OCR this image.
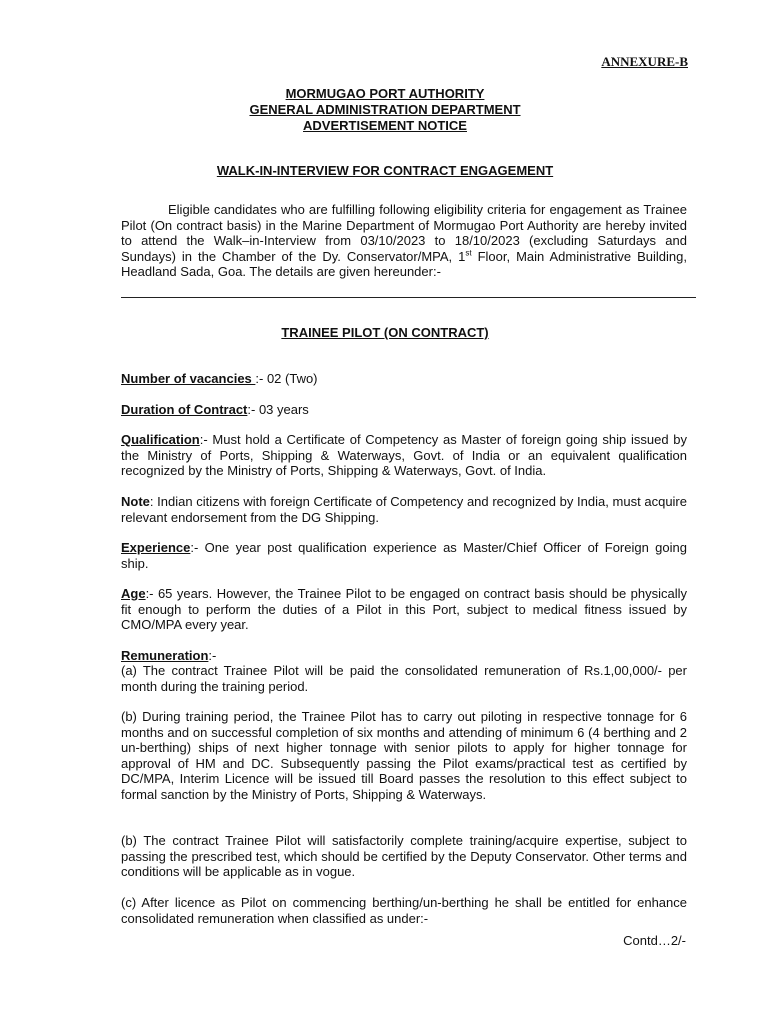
ANNEXURE-B
MORMUGAO PORT AUTHORITY
GENERAL ADMINISTRATION DEPARTMENT
ADVERTISEMENT NOTICE
WALK-IN-INTERVIEW FOR CONTRACT ENGAGEMENT
Eligible candidates who are fulfilling following eligibility criteria for engagement as Trainee Pilot (On contract basis) in the Marine Department of Mormugao Port Authority are hereby invited to attend the Walk–in-Interview from 03/10/2023 to 18/10/2023 (excluding Saturdays and Sundays) in the Chamber of the Dy. Conservator/MPA, 1st Floor, Main Administrative Building, Headland Sada, Goa. The details are given hereunder:-
TRAINEE PILOT (ON CONTRACT)
Number of vacancies :- 02 (Two)
Duration of Contract:- 03 years
Qualification:- Must hold a Certificate of Competency as Master of foreign going ship issued by the Ministry of Ports, Shipping & Waterways, Govt. of India or an equivalent qualification recognized by the Ministry of Ports, Shipping & Waterways, Govt. of India.
Note: Indian citizens with foreign Certificate of Competency and recognized by India, must acquire relevant endorsement from the DG Shipping.
Experience:- One year post qualification experience as Master/Chief Officer of Foreign going ship.
Age:- 65 years. However, the Trainee Pilot to be engaged on contract basis should be physically fit enough to perform the duties of a Pilot in this Port, subject to medical fitness issued by CMO/MPA every year.
Remuneration:-
(a) The contract Trainee Pilot will be paid the consolidated remuneration of Rs.1,00,000/- per month during the training period.
(b) During training period, the Trainee Pilot has to carry out piloting in respective tonnage for 6 months and on successful completion of six months and attending of minimum 6 (4 berthing and 2 un-berthing) ships of next higher tonnage with senior pilots to apply for higher tonnage for approval of HM and DC. Subsequently passing the Pilot exams/practical test as certified by DC/MPA, Interim Licence will be issued till Board passes the resolution to this effect subject to formal sanction by the Ministry of Ports, Shipping & Waterways.
(b) The contract Trainee Pilot will satisfactorily complete training/acquire expertise, subject to passing the prescribed test, which should be certified by the Deputy Conservator. Other terms and conditions will be applicable as in vogue.
(c) After licence as Pilot on commencing berthing/un-berthing he shall be entitled for enhance consolidated remuneration when classified as under:-
Contd…2/-
